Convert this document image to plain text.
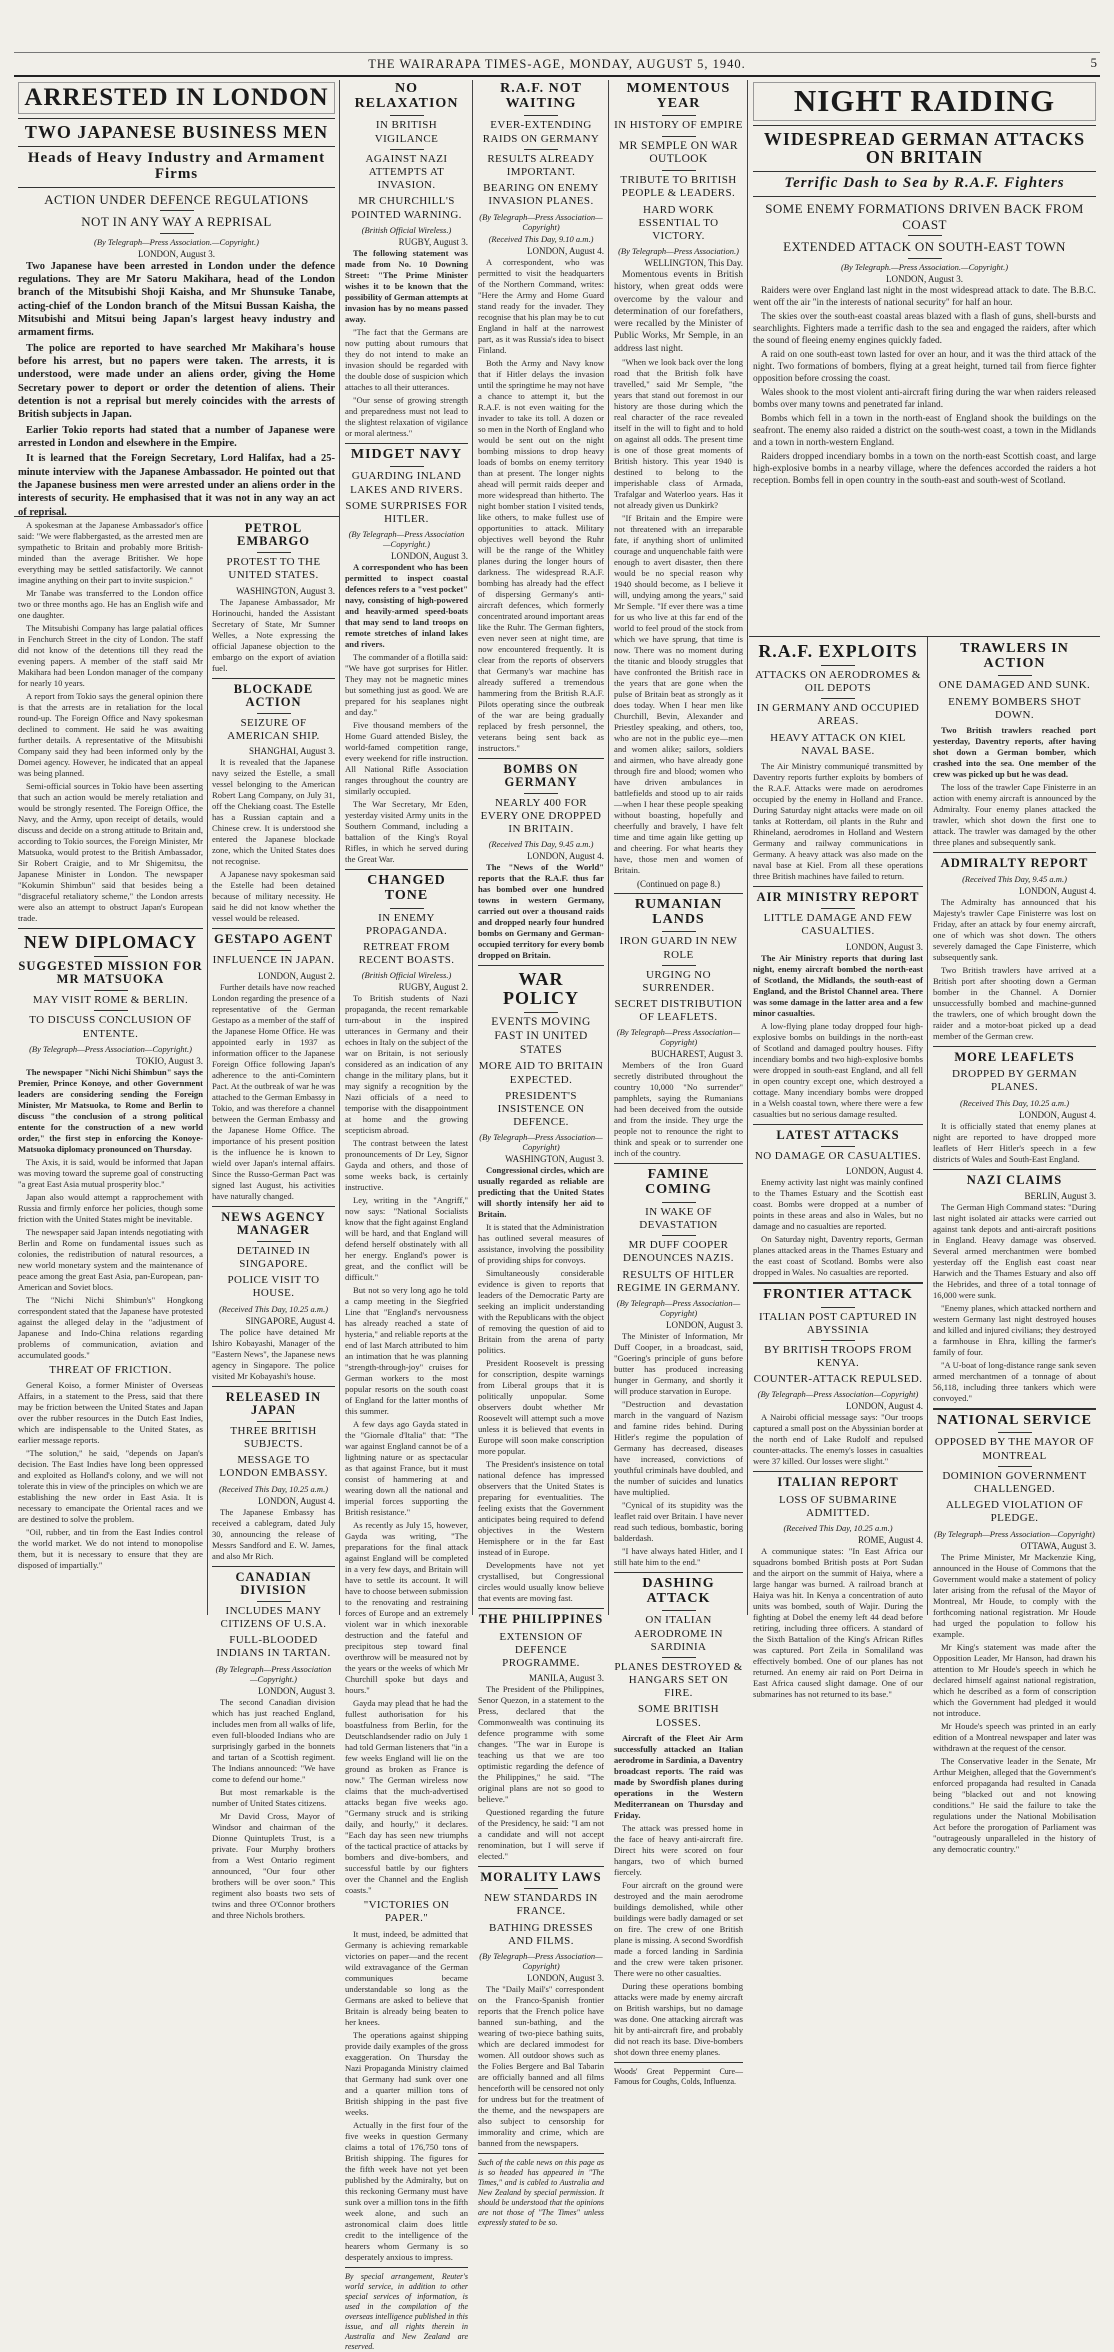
THE WAIRARAPA TIMES-AGE, MONDAY, AUGUST 5, 1940.	5
ARRESTED IN LONDON
TWO JAPANESE BUSINESS MEN
Heads of Heavy Industry and Armament Firms
ACTION UNDER DEFENCE REGULATIONS
NOT IN ANY WAY A REPRISAL
(By Telegraph—Press Association.—Copyright.)
LONDON, August 3.

Two Japanese have been arrested in London under the defence regulations. They are Mr Satoru Makihara, head of the London branch of the Mitsubishi Shoji Kaisha, and Mr Shunsuke Tanabe, acting-chief of the London branch of the Mitsui Bussan Kaisha, the Mitsubishi and Mitsui being Japan's largest heavy industry and armament firms.

The police are reported to have searched Mr Makihara's house before his arrest, but no papers were taken. The arrests, it is understood, were made under an aliens order, giving the Home Secretary power to deport or order the detention of aliens. Their detention is not a reprisal but merely coincides with the arrests of British subjects in Japan.

Earlier Tokio reports had stated that a number of Japanese were arrested in London and elsewhere in the Empire.

It is learned that the Foreign Secretary, Lord Halifax, had a 25-minute interview with the Japanese Ambassador. He pointed out that the Japanese business men were arrested under an aliens order in the interests of security. He emphasised that it was not in any way an act of reprisal.

A spokesman at the Japanese Ambassador's office said: "We were flabbergasted, as the arrested men are sympathetic to Britain and probably more British-minded than the average Britisher. We hope everything may be settled satisfactorily. We cannot imagine anything on their part to invite suspicion."

Mr Tanabe was transferred to the London office two or three months ago. He has an English wife and one daughter.

The Mitsubishi Company has large palatial offices in Fenchurch Street in the city of London. The staff did not know of the detentions till they read the evening papers. A member of the staff said Mr Makihara had been London manager of the company for nearly 10 years.

A report from Tokio says the general opinion there is that the arrests are in retaliation for the local round-up. The Foreign Office and Navy spokesman declined to comment. He said he was awaiting further details. A representative of the Mitsubishi Company said they had been informed only by the Domei agency. However, he indicated that an appeal was being planned.

Semi-official sources in Tokio have been asserting that such an action would be merely retaliation and would be strongly resented. The Foreign Office, the Navy, and the Army, upon receipt of details, would discuss and decide on a strong attitude to Britain and, according to Tokio sources, the Foreign Minister, Mr Matsuoka, would protest to the British Ambassador, Sir Robert Craigie, and to Mr Shigemitsu, the Japanese Minister in London. The newspaper "Kokumin Shimbun" said that besides being a "disgraceful retaliatory scheme," the London arrests were also an attempt to obstruct Japan's European trade.

NEW DIPLOMACY
SUGGESTED MISSION FOR MR MATSUOKA
MAY VISIT ROME & BERLIN.
TO DISCUSS CONCLUSION OF ENTENTE.
(By Telegraph—Press Association—Copyright.)
TOKIO, August 3.

The newspaper "Nichi Nichi Shimbun" says the Premier, Prince Konoye, and other Government leaders are considering sending the Foreign Minister, Mr Matsuoka, to Rome and Berlin to discuss "the conclusion of a strong political entente for the construction of a new world order," the first step in enforcing the Konoye-Matsuoka diplomacy pronounced on Thursday.

The Axis, it is said, would be informed that Japan was moving toward the supreme goal of constructing "a great East Asia mutual prosperity bloc."

Japan also would attempt a rapprochement with Russia and firmly enforce her policies, though some friction with the United States might be inevitable.

The newspaper said Japan intends negotiating with Berlin and Rome on fundamental issues such as colonies, the redistribution of natural resources, a new world monetary system and the maintenance of peace among the great East Asia, pan-European, pan-American and Soviet blocs.

The "Nichi Nichi Shimbun's" Hongkong correspondent stated that the Japanese have protested against the alleged delay in the "adjustment of Japanese and Indo-China relations regarding problems of communication, aviation and accumulated goods."

THREAT OF FRICTION.

General Koiso, a former Minister of Overseas Affairs, in a statement to the Press, said that there may be friction between the United States and Japan over the rubber resources in the Dutch East Indies, which are indispensable to the United States, as earlier message reports.

"The solution," he said, "depends on Japan's decision. The East Indies have long been oppressed and exploited as Holland's colony, and we will not tolerate this in view of the principles on which we are establishing the new order in East Asia. It is necessary to emancipate the Oriental races and we are destined to solve the problem.

"Oil, rubber, and tin from the East Indies control the world market. We do not intend to monopolise them, but it is necessary to ensure that they are disposed of impartially."

PETROL EMBARGO
PROTEST TO THE UNITED STATES.
WASHINGTON, August 3.

The Japanese Ambassador, Mr Horinouchi, handed the Assistant Secretary of State, Mr Sumner Welles, a Note expressing the official Japanese objection to the embargo on the export of aviation fuel.

BLOCKADE ACTION
SEIZURE OF AMERICAN SHIP.
SHANGHAI, August 3.

It is revealed that the Japanese navy seized the Estelle, a small vessel belonging to the American Robert Lang Company, on July 31, off the Chekiang coast. The Estelle has a Russian captain and a Chinese crew. It is understood she entered the Japanese blockade zone, which the United States does not recognise.

A Japanese navy spokesman said the Estelle had been detained because of military necessity. He said he did not know whether the vessel would be released.

GESTAPO AGENT
INFLUENCE IN JAPAN.
LONDON, August 2.

Further details have now reached London regarding the presence of a representative of the German Gestapo as a member of the staff of the Japanese Home Office. He was appointed early in 1937 as information officer to the Japanese Foreign Office following Japan's adherence to the anti-Comintern Pact. At the outbreak of war he was attached to the German Embassy in Tokio, and was therefore a channel between the German Embassy and the Japanese Home Office. The importance of his present position is the influence he is known to wield over Japan's internal affairs. Since the Russo-German Pact was signed last August, his activities have naturally changed.

NEWS AGENCY MANAGER
DETAINED IN SINGAPORE.
POLICE VISIT TO HOUSE.
(Received This Day, 10.25 a.m.)
SINGAPORE, August 4.

The police have detained Mr Ishiro Kobayashi, Manager of the "Eastern News", the Japanese news agency in Singapore. The police visited Mr Kobayashi's house.

RELEASED IN JAPAN
THREE BRITISH SUBJECTS.
MESSAGE TO LONDON EMBASSY.
(Received This Day, 10.25 a.m.)
LONDON, August 4.

The Japanese Embassy has received a cablegram, dated July 30, announcing the release of Messrs Sandford and E. W. James, and also Mr Rich.

CANADIAN DIVISION
INCLUDES MANY CITIZENS OF U.S.A.
FULL-BLOODED INDIANS IN TARTAN.
(By Telegraph—Press Association—Copyright.)
LONDON, August 3.

The second Canadian division which has just reached England, includes men from all walks of life, even full-blooded Indians who are surprisingly garbed in the bonnets and tartan of a Scottish regiment. The Indians announced: "We have come to defend our home."

But most remarkable is the number of United States citizens.

Mr David Cross, Mayor of Windsor and chairman of the Dionne Quintuplets Trust, is a private. Four Murphy brothers from a West Ontario regiment announced, "Our four other brothers will be over soon." This regiment also boasts two sets of twins and three O'Connor brothers and three Nichols brothers.

NO RELAXATION
IN BRITISH VIGILANCE
AGAINST NAZI ATTEMPTS AT INVASION.
MR CHURCHILL'S POINTED WARNING.
(British Official Wireless.)
RUGBY, August 3.

The following statement was made from No. 10 Downing Street: "The Prime Minister wishes it to be known that the possibility of German attempts at invasion has by no means passed away.

"The fact that the Germans are now putting about rumours that they do not intend to make an invasion should be regarded with the double dose of suspicion which attaches to all their utterances.

"Our sense of growing strength and preparedness must not lead to the slightest relaxation of vigilance or moral alertness."

MIDGET NAVY
GUARDING INLAND LAKES AND RIVERS.
SOME SURPRISES FOR HITLER.
(By Telegraph—Press Association—Copyright.)
LONDON, August 3.

A correspondent who has been permitted to inspect coastal defences refers to a "vest pocket" navy, consisting of high-powered and heavily-armed speed-boats that may send to land troops on remote stretches of inland lakes and rivers.

The commander of a flotilla said: "We have got surprises for Hitler. They may not be magnetic mines but something just as good. We are prepared for his seaplanes night and day."

Five thousand members of the Home Guard attended Bisley, the world-famed competition range, every weekend for rifle instruction. All National Rifle Association ranges throughout the country are similarly occupied.

The War Secretary, Mr Eden, yesterday visited Army units in the Southern Command, including a battalion of the King's Royal Rifles, in which he served during the Great War.

CHANGED TONE
IN ENEMY PROPAGANDA.
RETREAT FROM RECENT BOASTS.
(British Official Wireless.)
RUGBY, August 2.

To British students of Nazi propaganda, the recent remarkable turn-about in the inspired utterances in Germany and their echoes in Italy on the subject of the war on Britain, is not seriously considered as an indication of any change in the military plans, but it may signify a recognition by the Nazi officials of a need to temporise with the disappointment at home and the growing scepticism abroad.

The contrast between the latest pronouncements of Dr Ley, Signor Gayda and others, and those of some weeks back, is certainly instructive.

Ley, writing in the "Angriff," now says: "National Socialists know that the fight against England will be hard, and that England will defend herself obstinately with all her energy. England's power is great, and the conflict will be difficult."

But not so very long ago he told a camp meeting in the Siegfried Line that "England's nervousness has already reached a state of hysteria," and reliable reports at the end of last March attributed to him an intimation that he was planning "strength-through-joy" cruises for German workers to the most popular resorts on the south coast of England for the latter months of this summer.

A few days ago Gayda stated in the "Giornale d'Italia" that: "The war against England cannot be of a lightning nature or as spectacular as that against France, but it must consist of hammering at and wearing down all the national and imperial forces supporting the British resistance."

As recently as July 15, however, Gayda was writing, "The preparations for the final attack against England will be completed in a very few days, and Britain will have to settle its account. It will have to choose between submission to the renovating and restraining forces of Europe and an extremely violent war in which inexorable destruction and the fateful and precipitous step toward final overthrow will be measured not by the years or the weeks of which Mr Churchill spoke but days and hours."

Gayda may plead that he had the fullest authorisation for his boastfulness from Berlin, for the Deutschlandsender radio on July 1 had told German listeners that "in a few weeks England will lie on the ground as broken as France is now." The German wireless now claims that the much-advertised attacks began five weeks ago. "Germany struck and is striking daily, and hourly," it declares. "Each day has seen new triumphs of the tactical practice of attacks by bombers and dive-bombers, and successful battle by our fighters over the Channel and the English coasts."

"VICTORIES ON PAPER."

It must, indeed, be admitted that Germany is achieving remarkable victories on paper—and the recent wild extravagance of the German communiques became understandable so long as the Germans are asked to believe that Britain is already being beaten to her knees.

The operations against shipping provide daily examples of the gross exaggeration. On Thursday the Nazi Propaganda Ministry claimed that Germany had sunk over one and a quarter million tons of British shipping in the past five weeks.

Actually in the first four of the five weeks in question Germany claims a total of 176,750 tons of British shipping. The figures for the fifth week have not yet been published by the Admiralty, but on this reckoning Germany must have sunk over a million tons in the fifth week alone, and such an astronomical claim does little credit to the intelligence of the hearers whom Germany is so desperately anxious to impress.

By special arrangement, Reuter's world service, in addition to other special services of information, is used in the compilation of the overseas intelligence published in this issue, and all rights therein in Australia and New Zealand are reserved.
R.A.F. NOT WAITING
EVER-EXTENDING RAIDS ON GERMANY
RESULTS ALREADY IMPORTANT.
BEARING ON ENEMY INVASION PLANES.
(By Telegraph—Press Association—Copyright)
(Received This Day, 9.10 a.m.)
LONDON, August 4.

A correspondent, who was permitted to visit the headquarters of the Northern Command, writes: "Here the Army and Home Guard stand ready for the invader. They recognise that his plan may be to cut England in half at the narrowest part, as it was Russia's idea to bisect Finland.

Both the Army and Navy know that if Hitler delays the invasion until the springtime he may not have a chance to attempt it, but the R.A.F. is not even waiting for the invader to take its toll. A dozen or so men in the North of England who would be sent out on the night bombing missions to drop heavy loads of bombs on enemy territory than at present. The longer nights ahead will permit raids deeper and more widespread than hitherto. The night bomber station I visited tends, like others, to make fullest use of opportunities to attack. Military objectives well beyond the Ruhr will be the range of the Whitley planes during the longer hours of darkness. The widespread R.A.F. bombing has already had the effect of dispersing Germany's anti-aircraft defences, which formerly concentrated around important areas like the Ruhr. The German fighters, even never seen at night time, are now encountered frequently. It is clear from the reports of observers that Germany's war machine has already suffered a tremendous hammering from the British R.A.F. Pilots operating since the outbreak of the war are being gradually replaced by fresh personnel, the veterans being sent back as instructors."

BOMBS ON GERMANY
NEARLY 400 FOR EVERY ONE DROPPED IN BRITAIN.
(Received This Day, 9.45 a.m.)
LONDON, August 4.

The "News of the World" reports that the R.A.F. thus far has bombed over one hundred towns in western Germany, carried out over a thousand raids and dropped nearly four hundred bombs on Germany and German-occupied territory for every bomb dropped on Britain.

WAR POLICY
EVENTS MOVING FAST IN UNITED STATES
MORE AID TO BRITAIN EXPECTED.
PRESIDENT'S INSISTENCE ON DEFENCE.
(By Telegraph—Press Association—Copyright)
WASHINGTON, August 3.

Congressional circles, which are usually regarded as reliable are predicting that the United States will shortly intensify her aid to Britain.

It is stated that the Administration has outlined several measures of assistance, involving the possibility of providing ships for convoys.

Simultaneously considerable evidence is given to reports that leaders of the Democratic Party are seeking an implicit understanding with the Republicans with the object of removing the question of aid to Britain from the arena of party politics.

President Roosevelt is pressing for conscription, despite warnings from Liberal groups that it is politically unpopular. Some observers doubt whether Mr Roosevelt will attempt such a move unless it is believed that events in Europe will soon make conscription more popular.

The President's insistence on total national defence has impressed observers that the United States is preparing for eventualities. The feeling exists that the Government anticipates being required to defend objectives in the Western Hemisphere or in the far East instead of in Europe.

Developments have not yet crystallised, but Congressional circles would usually know believe that events are moving fast.

THE PHILIPPINES
EXTENSION OF DEFENCE PROGRAMME.
MANILA, August 3.

The President of the Philippines, Senor Quezon, in a statement to the Press, declared that the Commonwealth was continuing its defence programme with some changes. "The war in Europe is teaching us that we are too optimistic regarding the defence of the Philippines," he said. "The original plans are not so good to believe."

Questioned regarding the future of the Presidency, he said: "I am not a candidate and will not accept renomination, but I will serve if elected."

MORALITY LAWS
NEW STANDARDS IN FRANCE.
BATHING DRESSES AND FILMS.
(By Telegraph—Press Association—Copyright)
LONDON, August 3.

The "Daily Mail's" correspondent on the Franco-Spanish frontier reports that the French police have banned sun-bathing, and the wearing of two-piece bathing suits, which are declared immodest for women. All outdoor shows such as the Folies Bergere and Bal Tabarin are officially banned and all films henceforth will be censored not only for undress but for the treatment of the theme, and the newspapers are also subject to censorship for immorality and crime, which are banned from the newspapers.

Such of the cable news on this page as is so headed has appeared in "The Times," and is cabled to Australia and New Zealand by special permission. It should be understood that the opinions are not those of "The Times" unless expressly stated to be so.
MOMENTOUS YEAR
IN HISTORY OF EMPIRE
MR SEMPLE ON WAR OUTLOOK
TRIBUTE TO BRITISH PEOPLE & LEADERS.
HARD WORK ESSENTIAL TO VICTORY.
(By Telegraph—Press Association.)
WELLINGTON, This Day.

Momentous events in British history, when great odds were overcome by the valour and determination of our forefathers, were recalled by the Minister of Public Works, Mr Semple, in an address last night.

"When we look back over the long road that the British folk have travelled," said Mr Semple, "the years that stand out foremost in our history are those during which the real character of the race revealed itself in the will to fight and to hold on against all odds. The present time is one of those great moments of British history. This year 1940 is destined to belong to the imperishable class of Armada, Trafalgar and Waterloo years. Has it not already given us Dunkirk?

"If Britain and the Empire were not threatened with an irreparable fate, if anything short of unlimited courage and unquenchable faith were enough to avert disaster, then there would be no special reason why 1940 should become, as I believe it will, undying among the years," said Mr Semple. "If ever there was a time for us who live at this far end of the world to feel proud of the stock from which we have sprung, that time is now. There was no moment during the titanic and bloody struggles that have confronted the British race in the years that are gone when the pulse of Britain beat as strongly as it does today. When I hear men like Churchill, Bevin, Alexander and Priestley speaking, and others, too, who are not in the public eye—men and women alike; sailors, soldiers and airmen, who have already gone through fire and blood; women who have driven ambulances in battlefields and stood up to air raids—when I hear these people speaking without boasting, hopefully and cheerfully and bravely, I have felt time and time again like getting up and cheering. For what hearts they have, those men and women of Britain.

(Continued on page 8.)
RUMANIAN LANDS
IRON GUARD IN NEW ROLE
URGING NO SURRENDER.
SECRET DISTRIBUTION OF LEAFLETS.
(By Telegraph—Press Association—Copyright)
BUCHAREST, August 3.

Members of the Iron Guard secretly distributed throughout the country 10,000 "No surrender" pamphlets, saying the Rumanians had been deceived from the outside and from the inside. They urge the people not to renounce the right to think and speak or to surrender one inch of the country.

FAMINE COMING
IN WAKE OF DEVASTATION
MR DUFF COOPER DENOUNCES NAZIS.
RESULTS OF HITLER REGIME IN GERMANY.
(By Telegraph—Press Association—Copyright)
LONDON, August 3.

The Minister of Information, Mr Duff Cooper, in a broadcast, said, "Goering's principle of guns before butter has produced increasing hunger in Germany, and shortly it will produce starvation in Europe.

"Destruction and devastation march in the vanguard of Nazism and famine rides behind. During Hitler's regime the population of Germany has decreased, diseases have increased, convictions of youthful criminals have doubled, and the number of suicides and lunatics have multiplied.

"Cynical of its stupidity was the leaflet raid over Britain. I have never read such tedious, bombastic, boring balderdash.

"I have always hated Hitler, and I still hate him to the end."

DASHING ATTACK
ON ITALIAN AERODROME IN SARDINIA
PLANES DESTROYED & HANGARS SET ON FIRE.
SOME BRITISH LOSSES.

Aircraft of the Fleet Air Arm successfully attacked an Italian aerodrome in Sardinia, a Daventry broadcast reports. The raid was made by Swordfish planes during operations in the Western Mediterranean on Thursday and Friday.

The attack was pressed home in the face of heavy anti-aircraft fire. Direct hits were scored on four hangars, two of which burned fiercely.

Four aircraft on the ground were destroyed and the main aerodrome buildings demolished, while other buildings were badly damaged or set on fire. The crew of one British plane is missing. A second Swordfish made a forced landing in Sardinia and the crew were taken prisoner. There were no other casualties.

During these operations bombing attacks were made by enemy aircraft on British warships, but no damage was done. One attacking aircraft was hit by anti-aircraft fire, and probably did not reach its base. Dive-bombers shot down three enemy planes.

Woods' Great Peppermint Cure—Famous for Coughs, Colds, Influenza.
NIGHT RAIDING
WIDESPREAD GERMAN ATTACKS ON BRITAIN
Terrific Dash to Sea by R.A.F. Fighters
SOME ENEMY FORMATIONS DRIVEN BACK FROM COAST
EXTENDED ATTACK ON SOUTH-EAST TOWN
(By Telegraph.—Press Association.—Copyright.)
LONDON, August 3.

Raiders were over England last night in the most widespread attack to date. The B.B.C. went off the air "in the interests of national security" for half an hour.

The skies over the south-east coastal areas blazed with a flash of guns, shell-bursts and searchlights. Fighters made a terrific dash to the sea and engaged the raiders, after which the sound of fleeing enemy engines quickly faded.

A raid on one south-east town lasted for over an hour, and it was the third attack of the night. Two formations of bombers, flying at a great height, turned tail from fierce fighter opposition before crossing the coast.

Wales shook to the most violent anti-aircraft firing during the war when raiders released bombs over many towns and penetrated far inland.

Bombs which fell in a town in the north-east of England shook the buildings on the seafront. The enemy also raided a district on the south-west coast, a town in the Midlands and a town in north-western England.

Raiders dropped incendiary bombs in a town on the north-east Scottish coast, and large high-explosive bombs in a nearby village, where the defences accorded the raiders a hot reception. Bombs fell in open country in the south-east and south-west of Scotland.

R.A.F. EXPLOITS
ATTACKS ON AERODROMES & OIL DEPOTS
IN GERMANY AND OCCUPIED AREAS.
HEAVY ATTACK ON KIEL NAVAL BASE.

The Air Ministry communiqué transmitted by Daventry reports further exploits by bombers of the R.A.F. Attacks were made on aerodromes occupied by the enemy in Holland and France. During Saturday night attacks were made on oil tanks at Rotterdam, oil plants in the Ruhr and Rhineland, aerodromes in Holland and Western Germany and railway communications in Germany. A heavy attack was also made on the naval base at Kiel. From all these operations three British machines have failed to return.

AIR MINISTRY REPORT
LITTLE DAMAGE AND FEW CASUALTIES.
LONDON, August 3.

The Air Ministry reports that during last night, enemy aircraft bombed the north-east of Scotland, the Midlands, the south-east of England, and the Bristol Channel area. There was some damage in the latter area and a few minor casualties.

A low-flying plane today dropped four high-explosive bombs on buildings in the north-east of Scotland and damaged poultry houses. Fifty incendiary bombs and two high-explosive bombs were dropped in south-east England, and all fell in open country except one, which destroyed a cottage. Many incendiary bombs were dropped in a Welsh coastal town, where there were a few casualties but no serious damage resulted.

LATEST ATTACKS
NO DAMAGE OR CASUALTIES.
LONDON, August 4.

Enemy activity last night was mainly confined to the Thames Estuary and the Scottish east coast. Bombs were dropped at a number of points in these areas and also in Wales, but no damage and no casualties are reported.

On Saturday night, Daventry reports, German planes attacked areas in the Thames Estuary and the east coast of Scotland. Bombs were also dropped in Wales. No casualties are reported.

FRONTIER ATTACK
ITALIAN POST CAPTURED IN ABYSSINIA
BY BRITISH TROOPS FROM KENYA.
COUNTER-ATTACK REPULSED.
(By Telegraph—Press Association—Copyright)
LONDON, August 4.

A Nairobi official message says: "Our troops captured a small post on the Abyssinian border at the north end of Lake Rudolf and repulsed counter-attacks. The enemy's losses in casualties were 37 killed. Our losses were slight."

ITALIAN REPORT
LOSS OF SUBMARINE ADMITTED.
(Received This Day, 10.25 a.m.)
ROME, August 4.

A communique states: "In East Africa our squadrons bombed British posts at Port Sudan and the airport on the summit of Haiya, where a large hangar was burned. A railroad branch at Haiya was hit. In Kenya a concentration of auto units was bombed, south of Wajir. During the fighting at Dobel the enemy left 44 dead before retiring, including three officers. A standard of the Sixth Battalion of the King's African Rifles was captured. Port Zeila in Somaliland was effectively bombed. One of our planes has not returned. An enemy air raid on Port Deirna in East Africa caused slight damage. One of our submarines has not returned to its base."

TRAWLERS IN ACTION
ONE DAMAGED AND SUNK.
ENEMY BOMBERS SHOT DOWN.

Two British trawlers reached port yesterday, Daventry reports, after having shot down a German bomber, which crashed into the sea. One member of the crew was picked up but he was dead.

The loss of the trawler Cape Finisterre in an action with enemy aircraft is announced by the Admiralty. Four enemy planes attacked the trawler, which shot down the first one to attack. The trawler was damaged by the other three planes and subsequently sank.

ADMIRALTY REPORT
(Received This Day, 9.45 a.m.)
LONDON, August 4.

The Admiralty has announced that his Majesty's trawler Cape Finisterre was lost on Friday, after an attack by four enemy aircraft, one of which was shot down. The others severely damaged the Cape Finisterre, which subsequently sank.

Two British trawlers have arrived at a British port after shooting down a German bomber in the Channel. A Dornier unsuccessfully bombed and machine-gunned the trawlers, one of which brought down the raider and a motor-boat picked up a dead member of the German crew.

MORE LEAFLETS
DROPPED BY GERMAN PLANES.
(Received This Day, 10.25 a.m.)
LONDON, August 4.

It is officially stated that enemy planes at night are reported to have dropped more leaflets of Herr Hitler's speech in a few districts of Wales and South-East England.

NAZI CLAIMS
BERLIN, August 3.

The German High Command states: "During last night isolated air attacks were carried out against tank depots and anti-aircraft positions in England. Heavy damage was observed. Several armed merchantmen were bombed yesterday off the English east coast near Harwich and the Thames Estuary and also off the Hebrides, and three of a total tonnage of 16,000 were sunk.

"Enemy planes, which attacked northern and western Germany last night destroyed houses and killed and injured civilians; they destroyed a farmhouse in Ehra, killing the farmer's family of four.

"A U-boat of long-distance range sank seven armed merchantmen of a tonnage of about 56,118, including three tankers which were convoyed."

NATIONAL SERVICE
OPPOSED BY THE MAYOR OF MONTREAL
DOMINION GOVERNMENT CHALLENGED.
ALLEGED VIOLATION OF PLEDGE.
(By Telegraph—Press Association—Copyright)
OTTAWA, August 3.

The Prime Minister, Mr Mackenzie King, announced in the House of Commons that the Government would make a statement of policy later arising from the refusal of the Mayor of Montreal, Mr Houde, to comply with the forthcoming national registration. Mr Houde had urged the population to follow his example.

Mr King's statement was made after the Opposition Leader, Mr Hanson, had drawn his attention to Mr Houde's speech in which he declared himself against national registration, which he described as a form of conscription which the Government had pledged it would not introduce.

Mr Houde's speech was printed in an early edition of a Montreal newspaper and later was withdrawn at the request of the censor.

The Conservative leader in the Senate, Mr Arthur Meighen, alleged that the Government's enforced propaganda had resulted in Canada being "blacked out and not knowing conditions." He said the failure to take the regulations under the National Mobilisation Act before the prorogation of Parliament was "outrageously unparalleled in the history of any democratic country."
